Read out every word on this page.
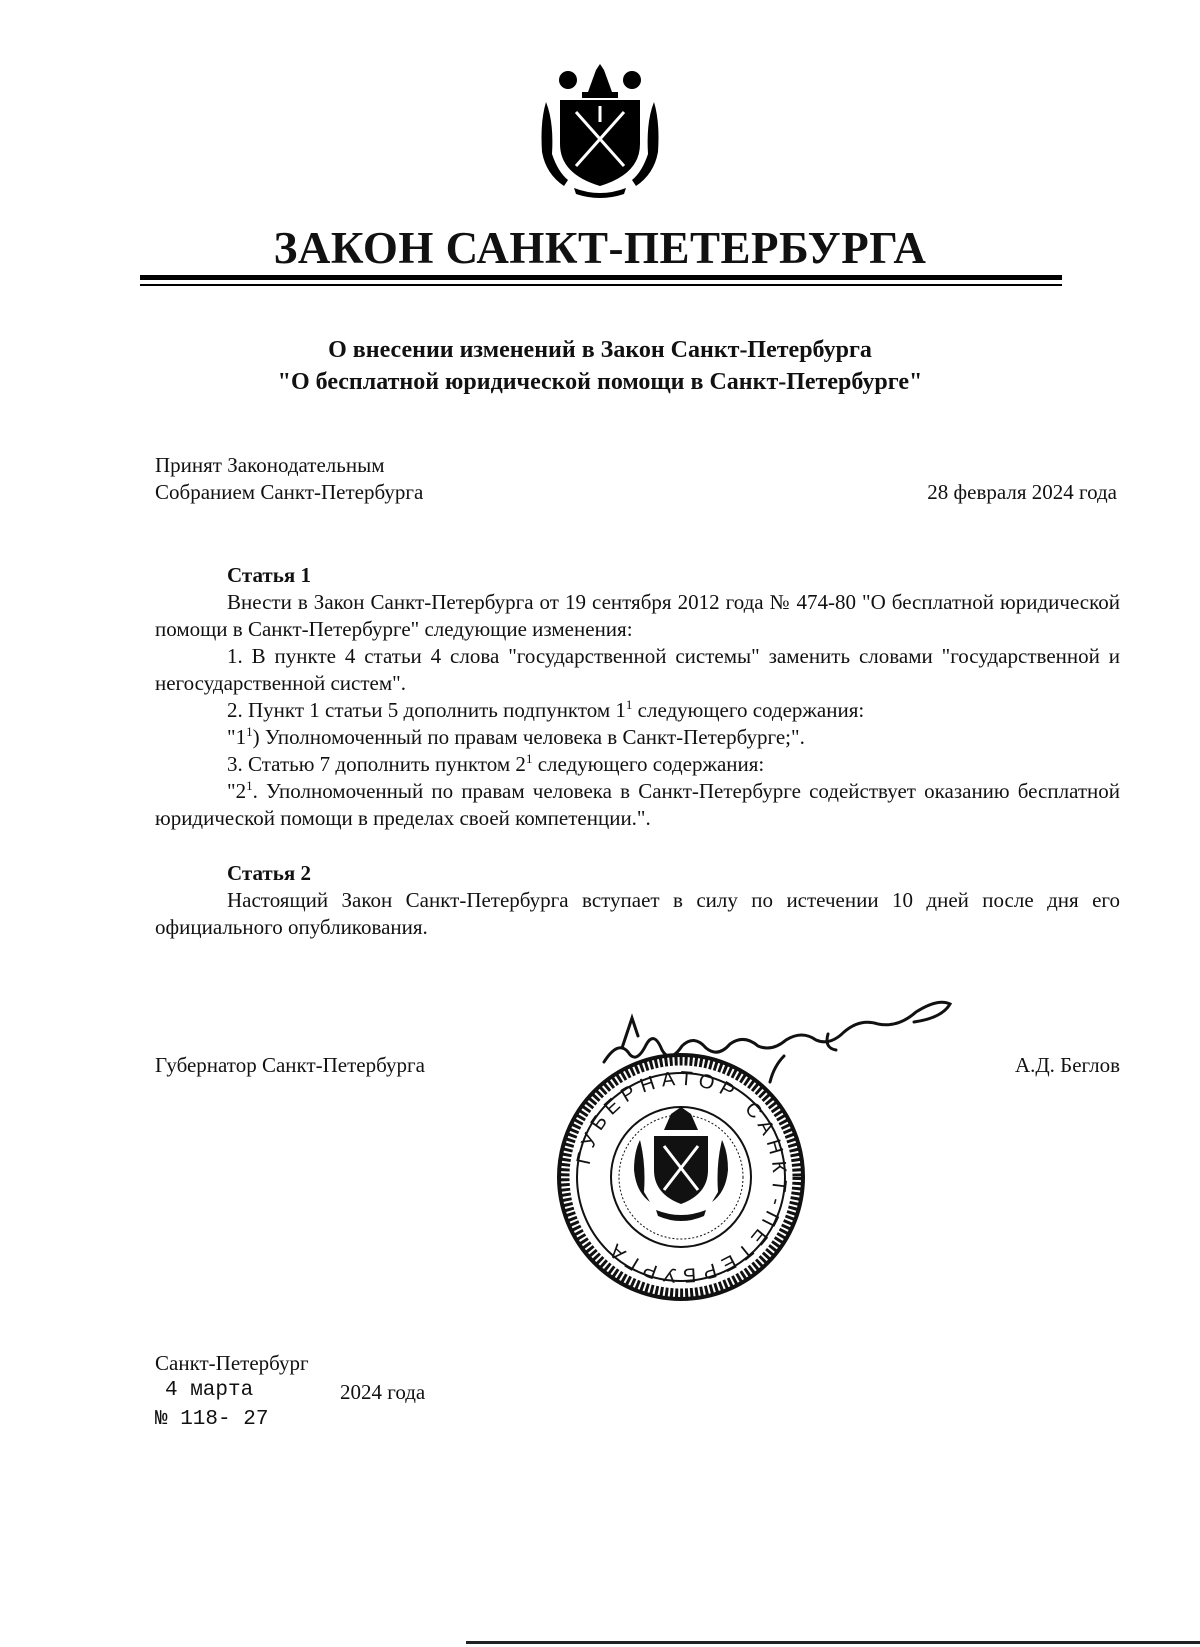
ЗАКОН САНКТ-ПЕТЕРБУРГА
О внесении изменений в Закон Санкт-Петербурга
"О бесплатной юридической помощи в Санкт-Петербурге"
Принят Законодательным
Собранием Санкт-Петербурга	28 февраля 2024 года
Статья 1
Внести в Закон Санкт-Петербурга от 19 сентября 2012 года № 474-80 "О бесплатной юридической помощи в Санкт-Петербурге" следующие изменения:
1. В пункте 4 статьи 4 слова "государственной системы" заменить словами "государственной и негосударственной систем".
2. Пункт 1 статьи 5 дополнить подпунктом $1^1$ следующего содержания:
"$1^1$) Уполномоченный по правам человека в Санкт-Петербурге;".
3. Статью 7 дополнить пунктом $2^1$ следующего содержания:
"$2^1$. Уполномоченный по правам человека в Санкт-Петербурге содействует оказанию бесплатной юридической помощи в пределах своей компетенции.".
Статья 2
Настоящий Закон Санкт-Петербурга вступает в силу по истечении 10 дней после дня его официального опубликования.
Губернатор Санкт-Петербурга	А.Д. Беглов
ГУБЕРНАТОР САНКТ-ПЕТЕРБУРГА
Санкт-Петербург
4 марта	2024 года
№ 118- 27
